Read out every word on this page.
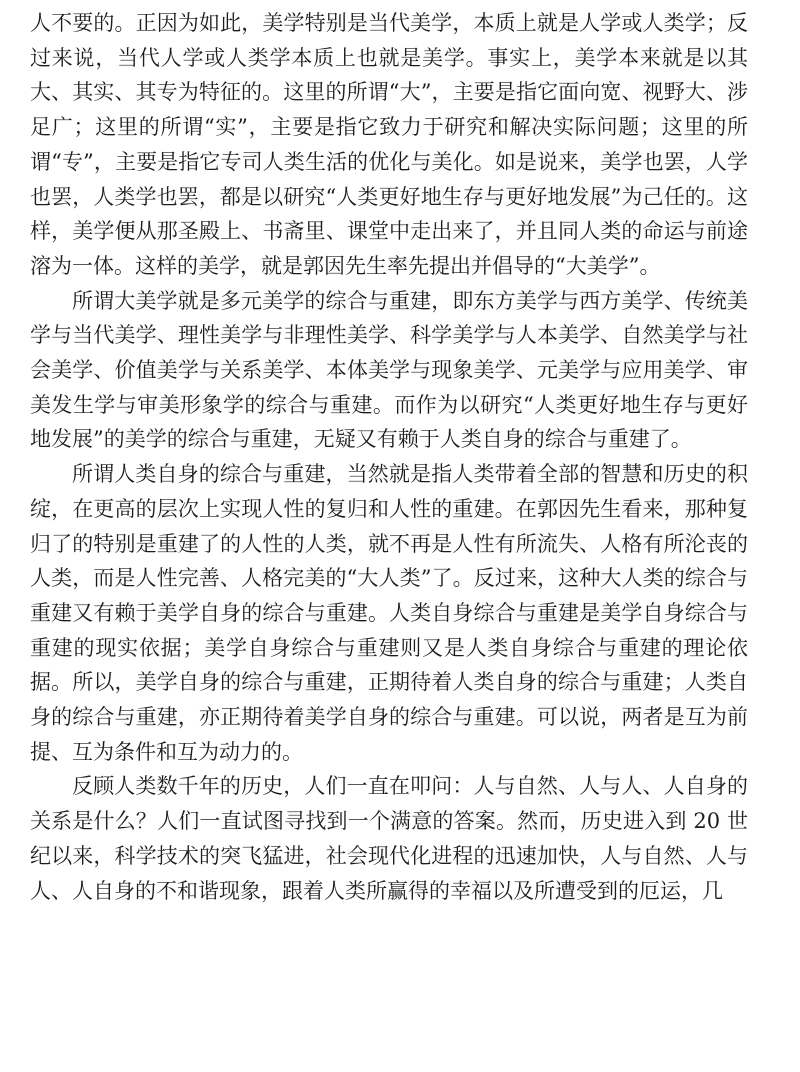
人不要的。正因为如此，美学特别是当代美学，本质上就是人学或人类学；反过来说，当代人学或人类学本质上也就是美学。事实上，美学本来就是以其大、其实、其专为特征的。这里的所谓“大”，主要是指它面向宽、视野大、涉足广；这里的所谓“实”，主要是指它致力于研究和解决实际问题；这里的所谓“专”，主要是指它专司人类生活的优化与美化。如是说来，美学也罢，人学也罢，人类学也罢，都是以研究“人类更好地生存与更好地发展”为己任的。这样，美学便从那圣殿上、书斋里、课堂中走出来了，并且同人类的命运与前途溶为一体。这样的美学，就是郭因先生率先提出并倡导的“大美学”。

所谓大美学就是多元美学的综合与重建，即东方美学与西方美学、传统美学与当代美学、理性美学与非理性美学、科学美学与人本美学、自然美学与社会美学、价值美学与关系美学、本体美学与现象美学、元美学与应用美学、审美发生学与审美形象学的综合与重建。而作为以研究“人类更好地生存与更好地发展”的美学的综合与重建，无疑又有赖于人类自身的综合与重建了。

所谓人类自身的综合与重建，当然就是指人类带着全部的智慧和历史的积绽，在更高的层次上实现人性的复归和人性的重建。在郭因先生看来，那种复归了的特别是重建了的人性的人类，就不再是人性有所流失、人格有所沦丧的人类，而是人性完善、人格完美的“大人类”了。反过来，这种大人类的综合与重建又有赖于美学自身的综合与重建。人类自身综合与重建是美学自身综合与重建的现实依据；美学自身综合与重建则又是人类自身综合与重建的理论依据。所以，美学自身的综合与重建，正期待着人类自身的综合与重建；人类自身的综合与重建，亦正期待着美学自身的综合与重建。可以说，两者是互为前提、互为条件和互为动力的。

反顾人类数千年的历史，人们一直在叩问：人与自然、人与人、人自身的关系是什么？人们一直试图寻找到一个满意的答案。然而，历史进入到 20 世纪以来，科学技术的突飞猛进，社会现代化进程的迅速加快，人与自然、人与人、人自身的不和谐现象，跟着人类所赢得的幸福以及所遭受到的厄运，几
